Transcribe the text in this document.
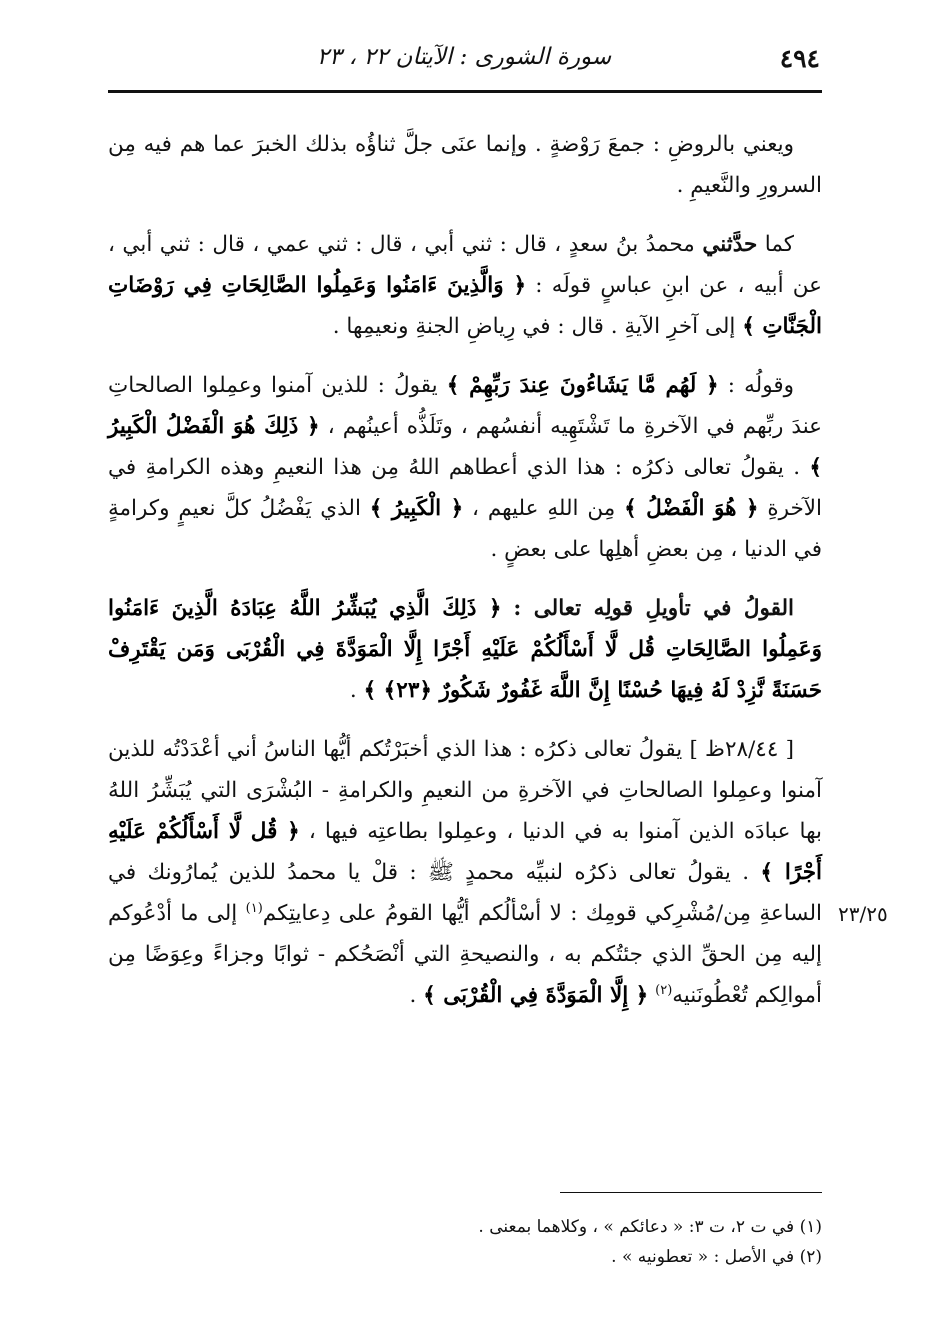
٤٩٤
سورة الشورى : الآيتان ٢٢ ، ٢٣

ويعني بالروضِ : جمعَ رَوْضةٍ . وإنما عنَى جلَّ ثناؤُه بذلك الخبرَ عما هم فيه مِن السرورِ والنَّعيمِ .

كما حدَّثني محمدُ بنُ سعدٍ ، قال : ثني أبي ، قال : ثني عمي ، قال : ثني أبي ، عن أبيه ، عن ابنِ عباسٍ قولَه : ﴿ وَالَّذِينَ ءَامَنُوا وَعَمِلُوا الصَّالِحَاتِ فِي رَوْضَاتِ الْجَنَّاتِ ﴾ إلى آخرِ الآيةِ . قال : في رِياضِ الجنةِ ونعيمِها .

وقولُه : ﴿ لَهُم مَّا يَشَاءُونَ عِندَ رَبِّهِمْ ﴾ يقولُ : للذين آمنوا وعمِلوا الصالحاتِ عندَ ربِّهم في الآخرةِ ما تَشْتَهِيه أنفسُهم ، وتَلَذُّه أعينُهم ، ﴿ ذَلِكَ هُوَ الْفَضْلُ الْكَبِيرُ ﴾ . يقولُ تعالى ذكرُه : هذا الذي أعطاهم اللهُ مِن هذا النعيمِ وهذه الكرامةِ في الآخرةِ ﴿ هُوَ الْفَضْلُ ﴾ مِن اللهِ عليهم ، ﴿ الْكَبِيرُ ﴾ الذي يَفْضُلُ كلَّ نعيمٍ وكرامةٍ في الدنيا ، مِن بعضِ أهلِها على بعضٍ .

القولُ في تأويلِ قولِه تعالى : ﴿ ذَلِكَ الَّذِي يُبَشِّرُ اللَّهُ عِبَادَهُ الَّذِينَ ءَامَنُوا وَعَمِلُوا الصَّالِحَاتِ قُل لَّا أَسْأَلُكُمْ عَلَيْهِ أَجْرًا إِلَّا الْمَوَدَّةَ فِي الْقُرْبَى وَمَن يَقْتَرِفْ حَسَنَةً نَّزِدْ لَهُ فِيهَا حُسْنًا إِنَّ اللَّهَ غَفُورٌ شَكُورٌ ﴿٢٣﴾ ﴾ .

[ ٢٨/٤٤ظ ] يقولُ تعالى ذكرُه : هذا الذي أخبَرْتُكم أيُّها الناسُ أني أعْدَدْتُه للذين آمنوا وعمِلوا الصالحاتِ في الآخرةِ من النعيمِ والكرامةِ - البُشْرَى التي يُبَشِّرُ اللهُ بها عبادَه الذين آمنوا به في الدنيا ، وعمِلوا بطاعتِه فيها ، ﴿ قُل لَّا أَسْأَلُكُمْ عَلَيْهِ أَجْرًا ﴾ . يقولُ تعالى ذكرُه لنبيِّه محمدٍ ﷺ : قلْ يا محمدُ للذين يُمارُونك في الساعةِ مِن/مُشْرِكي قومِك : لا أسْألُكم أيُّها القومُ على دِعايتِكم$^{(١)}$ إلى ما أدْعُوكم إليه مِن الحقِّ الذي جئتُكم به ، والنصيحةِ التي أنْصَحُكم - ثوابًا وجزاءً وعِوَضًا مِن أموالِكم تُعْطُونَنيه$^{(٢)}$ ﴿ إِلَّا الْمَوَدَّةَ فِي الْقُرْبَى ﴾ .

٢٣/٢٥
(١) في ت ٢، ت ٣: « دعائكم » ، وكلاهما بمعنى .
(٢) في الأصل : « تعطونيه » .
